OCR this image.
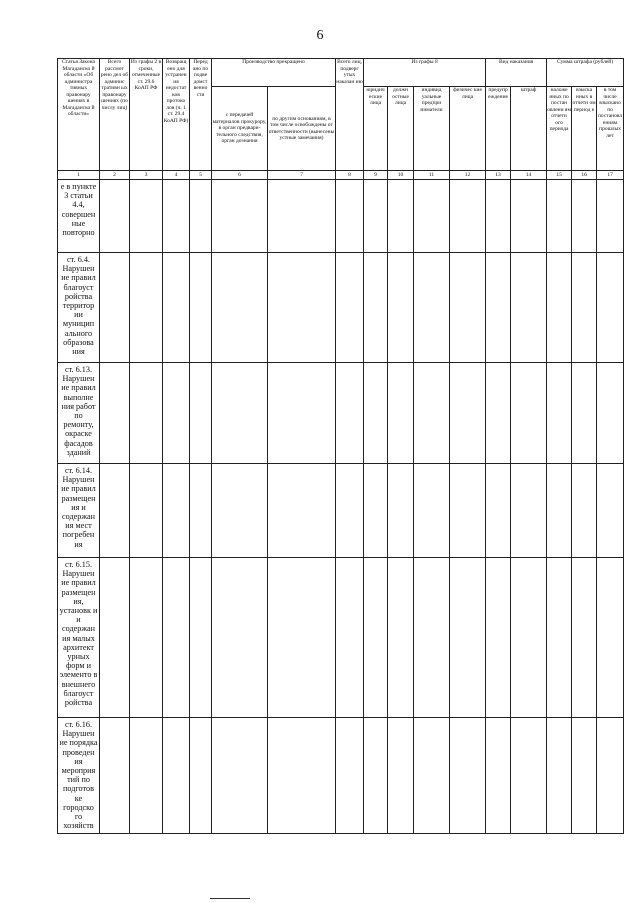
6
Статья Закона Магаданско й области «Об администра тивных правонару шениях в Магаданско й области»	Всего рассмот рено дел об админис тративн ых правонару шениях (по числу лиц)	Из графы 2 в сроки, отмеченные ст. 29.6 КоАП РФ	Возвращ ено для устранен ия недостат ков протоко лов (ч. 1 ст. 29.4 КоАП РФ)	Перед ано по подве домст венно сти	Производство прекращено		Всего лиц, подверг утых наказан ию	Из графы 8				Вид наказания		Сумма штрафа (рублей)		
					с передачей материалов прокурору, в орган предвари- тельного следствия, орган дознания	по другим основаниям, в том числе освобождены от ответственности (вынесены устные замечания)		юридич еские лица	должн остные лица	индивид уальные предпри ниматели	физичес кие лица	предупр еждение	штраф	наложе нных по постан овлени ям отчетн ого периода	взыска нных в отчетн ом период е	в том числе взыскано по постановл ениям прошлых лет
1	2	3	4	5	6	7	8	9	10	11	12	13	14	15	16	17
е в пункте 3 статьи 4.4, совершен ные повторно																
ст. 6.4. Нарушен ие правил благоуст ройства территор ии муницип ального образова ния																
ст. 6.13. Нарушен ие правил выполне ния работ по ремонту, окраске фасадов зданий																
ст. 6.14. Нарушен ие правил размещен ия и содержан ия мест погребен ия																
ст. 6.15. Нарушен ие правил размещен ия, установк и и содержан ия малых архитект урных форм и элементо в внешнего благоуст ройства																
ст. 6.16. Нарушен ие порядка проведен ия мероприя тий по подготов ке городско го хозяйств																
